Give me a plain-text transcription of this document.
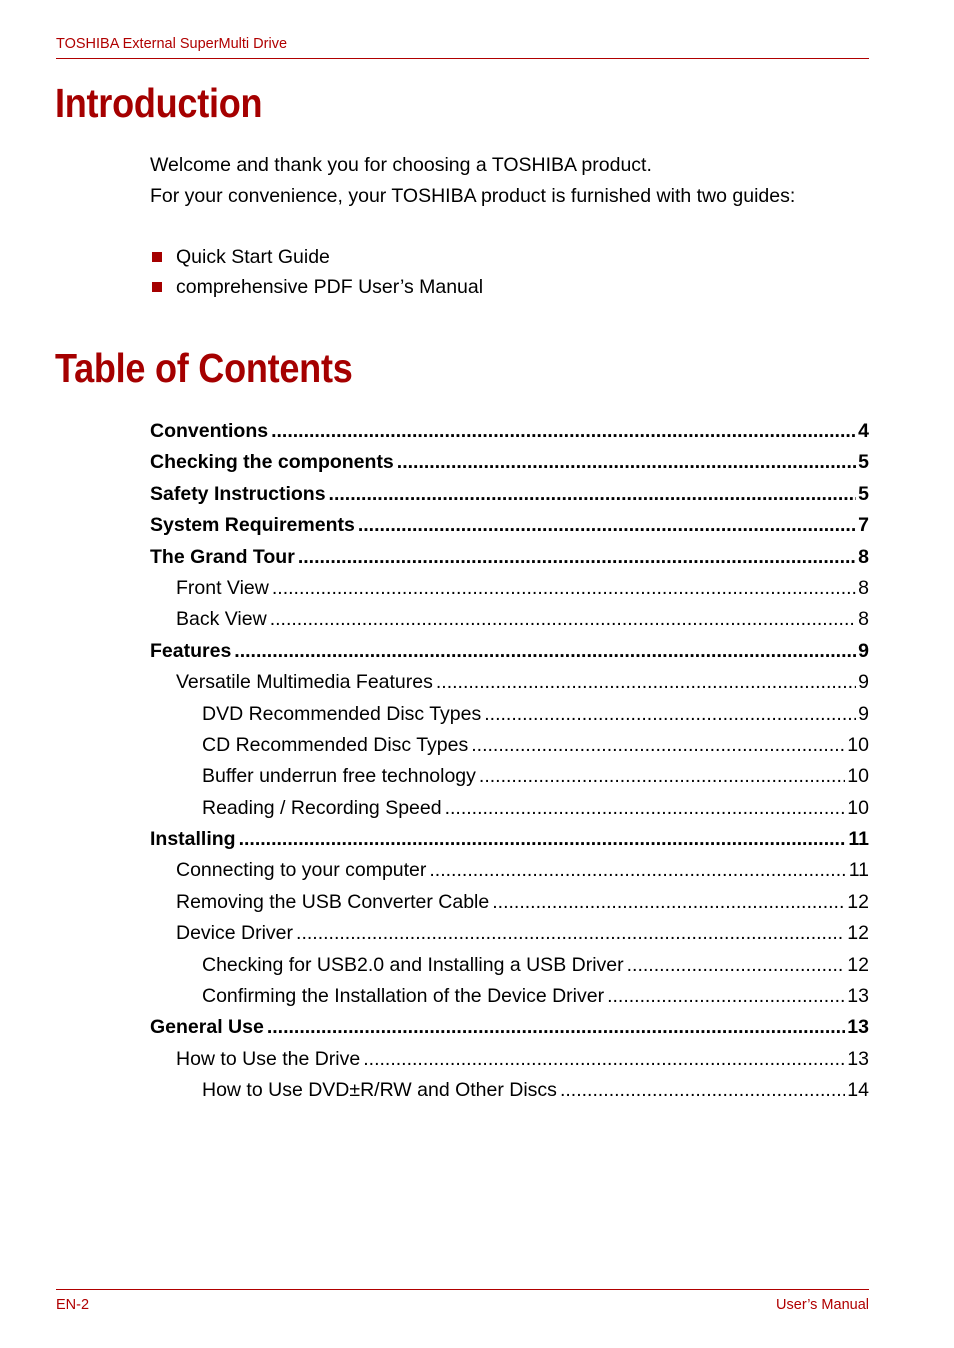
TOSHIBA External SuperMulti Drive
Introduction
Welcome and thank you for choosing a TOSHIBA product.
For your convenience, your TOSHIBA product is furnished with two guides:
Quick Start Guide
comprehensive PDF User’s Manual
Table of Contents
Conventions .....	4
Checking the components .....	5
Safety Instructions .....	5
System Requirements .....	7
The Grand Tour .....	8
Front View .....	8
Back View .....	8
Features .....	9
Versatile Multimedia Features .....	9
DVD Recommended Disc Types .....	9
CD Recommended Disc Types .....	10
Buffer underrun free technology .....	10
Reading / Recording Speed .....	10
Installing .....	11
Connecting to your computer .....	11
Removing the USB Converter Cable .....	12
Device Driver .....	12
Checking for USB2.0 and Installing a USB Driver .....	12
Confirming the Installation of the Device Driver .....	13
General Use .....	13
How to Use the Drive .....	13
How to Use DVD±R/RW and Other Discs .....	14
EN-2	User’s Manual
